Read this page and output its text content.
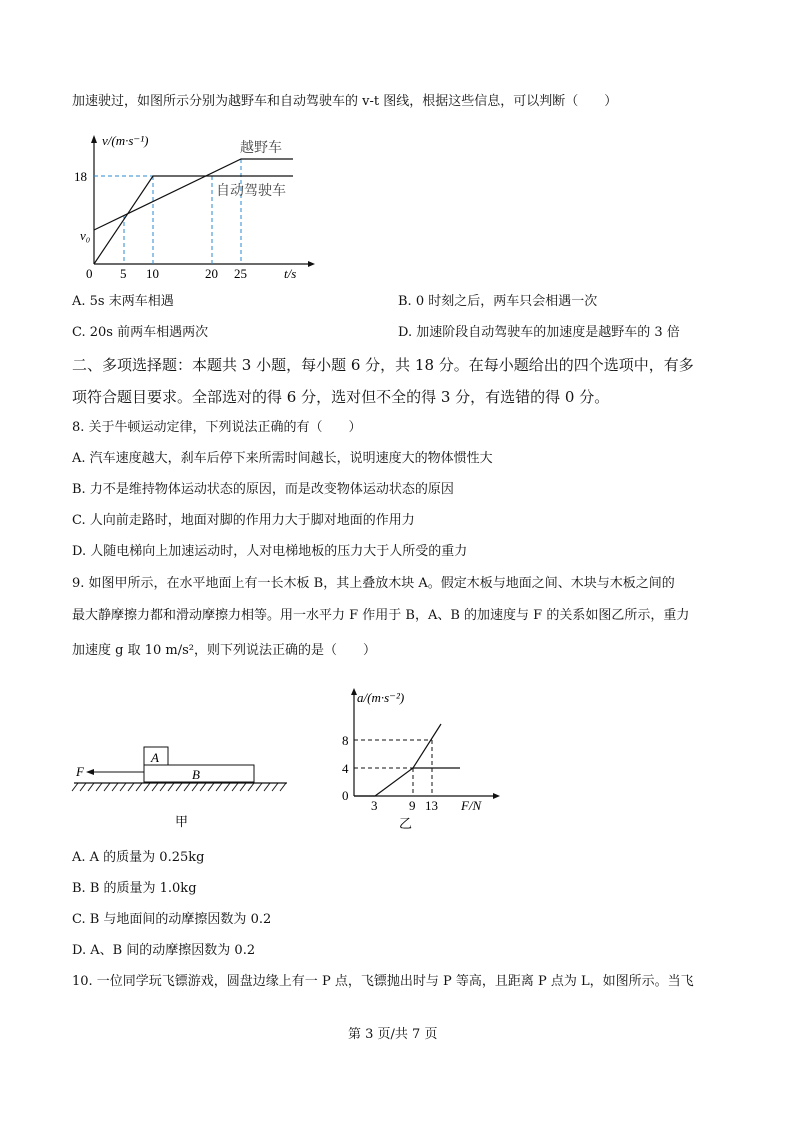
加速驶过，如图所示分别为越野车和自动驾驶车的 v-t 图线，根据这些信息，可以判断（　　）
v/(m·s⁻¹)
18
v₀
0 5 10	20 25	t/s
越野车
自动驾驶车
A. 5s 末两车相遇	B. 0 时刻之后，两车只会相遇一次
C. 20s 前两车相遇两次	D. 加速阶段自动驾驶车的加速度是越野车的 3 倍
二、多项选择题：本题共 3 小题，每小题 6 分，共 18 分。在每小题给出的四个选项中，有多
项符合题目要求。全部选对的得 6 分，选对但不全的得 3 分，有选错的得 0 分。
8. 关于牛顿运动定律，下列说法正确的有（　　）
A. 汽车速度越大，刹车后停下来所需时间越长，说明速度大的物体惯性大
B. 力不是维持物体运动状态的原因，而是改变物体运动状态的原因
C. 人向前走路时，地面对脚的作用力大于脚对地面的作用力
D. 人随电梯向上加速运动时，人对电梯地板的压力大于人所受的重力
9. 如图甲所示，在水平地面上有一长木板 B，其上叠放木块 A。假定木板与地面之间、木块与木板之间的
最大静摩擦力都和滑动摩擦力相等。用一水平力 F 作用于 B，A、B 的加速度与 F 的关系如图乙所示，重力
加速度 g 取 10 m/s²，则下列说法正确的是（　　）
A
B
F
甲
a/(m·s⁻²)
8
4
0
3 9 13 F/N
乙
A. A 的质量为 0.25kg
B. B 的质量为 1.0kg
C. B 与地面间的动摩擦因数为 0.2
D. A、B 间的动摩擦因数为 0.2
10. 一位同学玩飞镖游戏，圆盘边缘上有一 P 点，飞镖抛出时与 P 等高，且距离 P 点为 L，如图所示。当飞
第 3 页/共 7 页
